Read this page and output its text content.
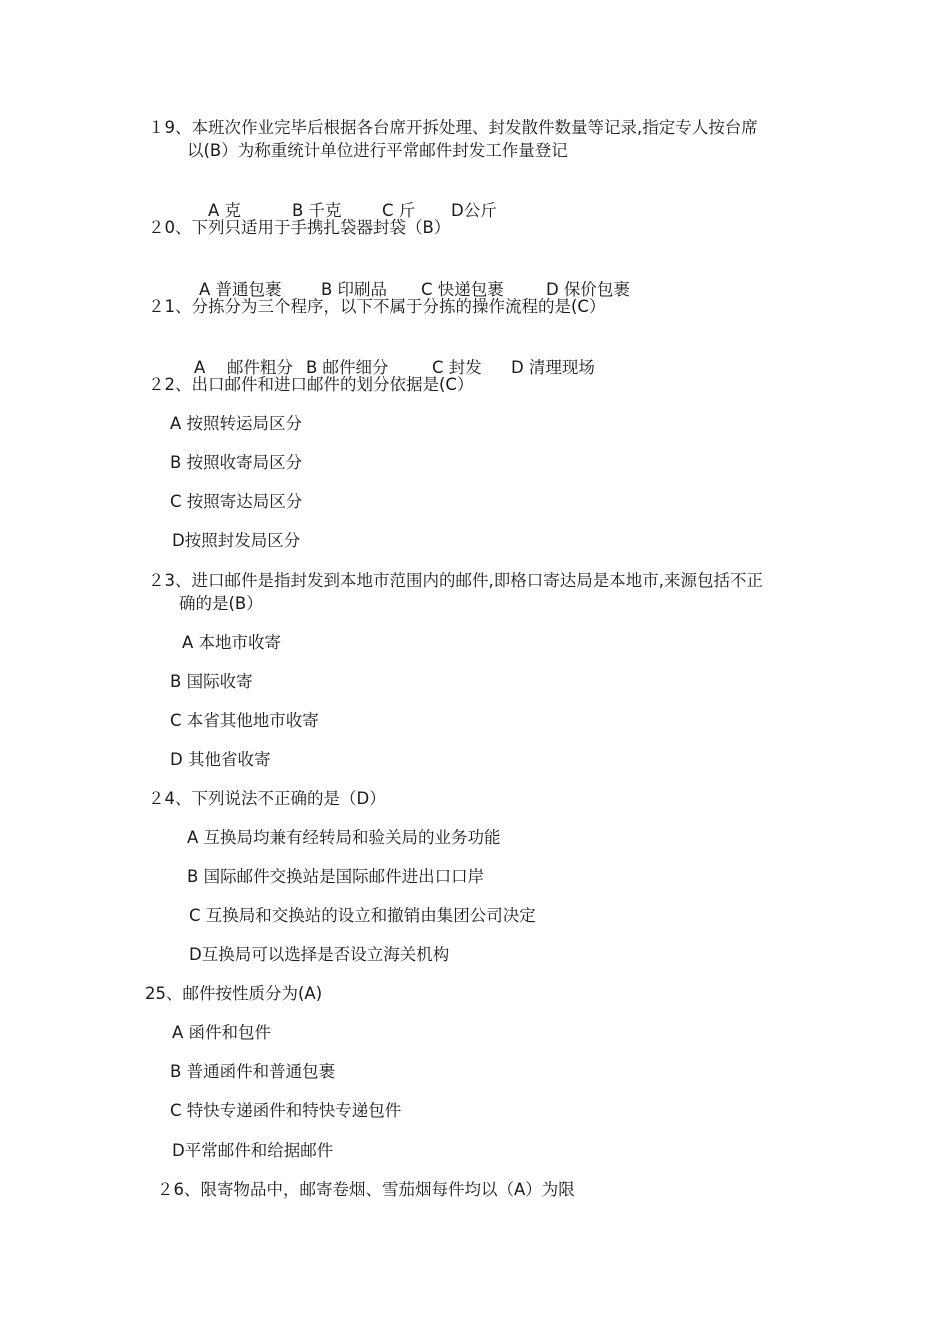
１9、本班次作业完毕后根据各台席开拆处理、封发散件数量等记录,指定专人按台席
以(B）为称重统计单位进行平常邮件封发工作量登记

A 克	B 千克 C 斤 D公斤

２0、下列只适用于手携扎袋器封袋（B）

A 普通包裹 B 印刷品 C 快递包裹	D 保价包裹

２1、分拣分为三个程序，以下不属于分拣的操作流程的是(C）

A　 邮件粗分 B 邮件细分	C 封发 D 清理现场

２2、出口邮件和进口邮件的划分依据是(C）
A 按照转运局区分
B 按照收寄局区分
C 按照寄达局区分
D按照封发局区分
２3、进口邮件是指封发到本地市范围内的邮件,即格口寄达局是本地市,来源包括不正
确的是(B）
A 本地市收寄
B 国际收寄
C 本省其他地市收寄
D 其他省收寄
２4、下列说法不正确的是（D）
A 互换局均兼有经转局和验关局的业务功能
B 国际邮件交换站是国际邮件进出口口岸
C 互换局和交换站的设立和撤销由集团公司决定
D互换局可以选择是否设立海关机构
25、邮件按性质分为(A)
A 函件和包件
B 普通函件和普通包裹
C 特快专递函件和特快专递包件
D平常邮件和给据邮件
２6、限寄物品中，邮寄卷烟、雪茄烟每件均以（A）为限
